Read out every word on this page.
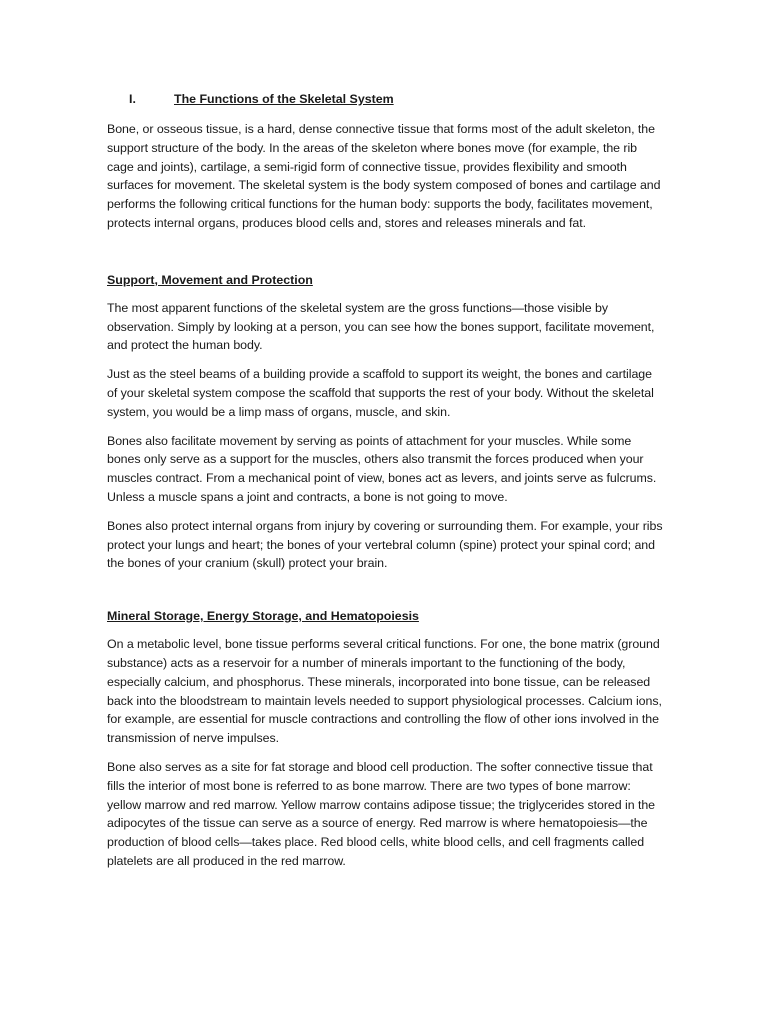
I.	The Functions of the Skeletal System

Bone, or osseous tissue, is a hard, dense connective tissue that forms most of the adult skeleton, the support structure of the body. In the areas of the skeleton where bones move (for example, the rib cage and joints), cartilage, a semi-rigid form of connective tissue, provides flexibility and smooth surfaces for movement. The skeletal system is the body system composed of bones and cartilage and performs the following critical functions for the human body: supports the body, facilitates movement, protects internal organs, produces blood cells and, stores and releases minerals and fat.

Support, Movement and Protection

The most apparent functions of the skeletal system are the gross functions—those visible by observation. Simply by looking at a person, you can see how the bones support, facilitate movement, and protect the human body.

Just as the steel beams of a building provide a scaffold to support its weight, the bones and cartilage of your skeletal system compose the scaffold that supports the rest of your body. Without the skeletal system, you would be a limp mass of organs, muscle, and skin.

Bones also facilitate movement by serving as points of attachment for your muscles. While some bones only serve as a support for the muscles, others also transmit the forces produced when your muscles contract. From a mechanical point of view, bones act as levers, and joints serve as fulcrums. Unless a muscle spans a joint and contracts, a bone is not going to move.

Bones also protect internal organs from injury by covering or surrounding them. For example, your ribs protect your lungs and heart; the bones of your vertebral column (spine) protect your spinal cord; and the bones of your cranium (skull) protect your brain.

Mineral Storage, Energy Storage, and Hematopoiesis

On a metabolic level, bone tissue performs several critical functions. For one, the bone matrix (ground substance) acts as a reservoir for a number of minerals important to the functioning of the body, especially calcium, and phosphorus. These minerals, incorporated into bone tissue, can be released back into the bloodstream to maintain levels needed to support physiological processes. Calcium ions, for example, are essential for muscle contractions and controlling the flow of other ions involved in the transmission of nerve impulses.

Bone also serves as a site for fat storage and blood cell production. The softer connective tissue that fills the interior of most bone is referred to as bone marrow. There are two types of bone marrow: yellow marrow and red marrow. Yellow marrow contains adipose tissue; the triglycerides stored in the adipocytes of the tissue can serve as a source of energy. Red marrow is where hematopoiesis—the production of blood cells—takes place. Red blood cells, white blood cells, and cell fragments called platelets are all produced in the red marrow.
